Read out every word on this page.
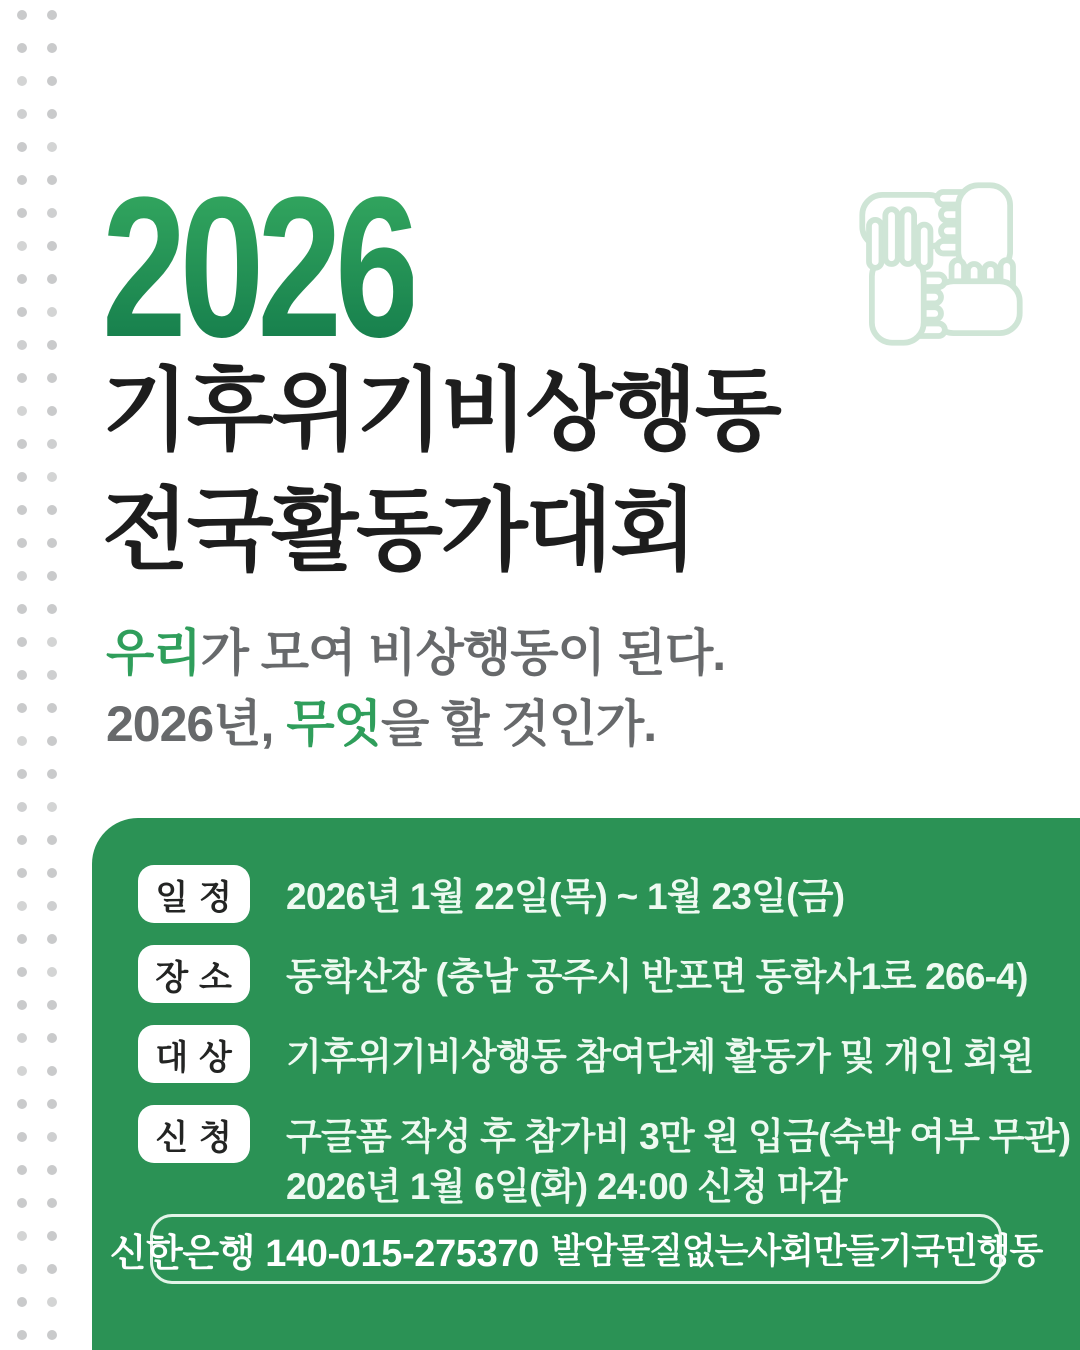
2026
기후위기비상행동
전국활동가대회
우리가 모여 비상행동이 된다.
2026년, 무엇을 할 것인가.
일 정	2026년 1월 22일(목) ~ 1월 23일(금)
장 소	동학산장 (충남 공주시 반포면 동학사1로 266-4)
대 상	기후위기비상행동 참여단체 활동가 및 개인 회원
신 청	구글폼 작성 후 참가비 3만 원 입금(숙박 여부 무관)
2026년 1월 6일(화) 24:00 신청 마감
신한은행 140-015-275370 발암물질없는사회만들기국민행동
